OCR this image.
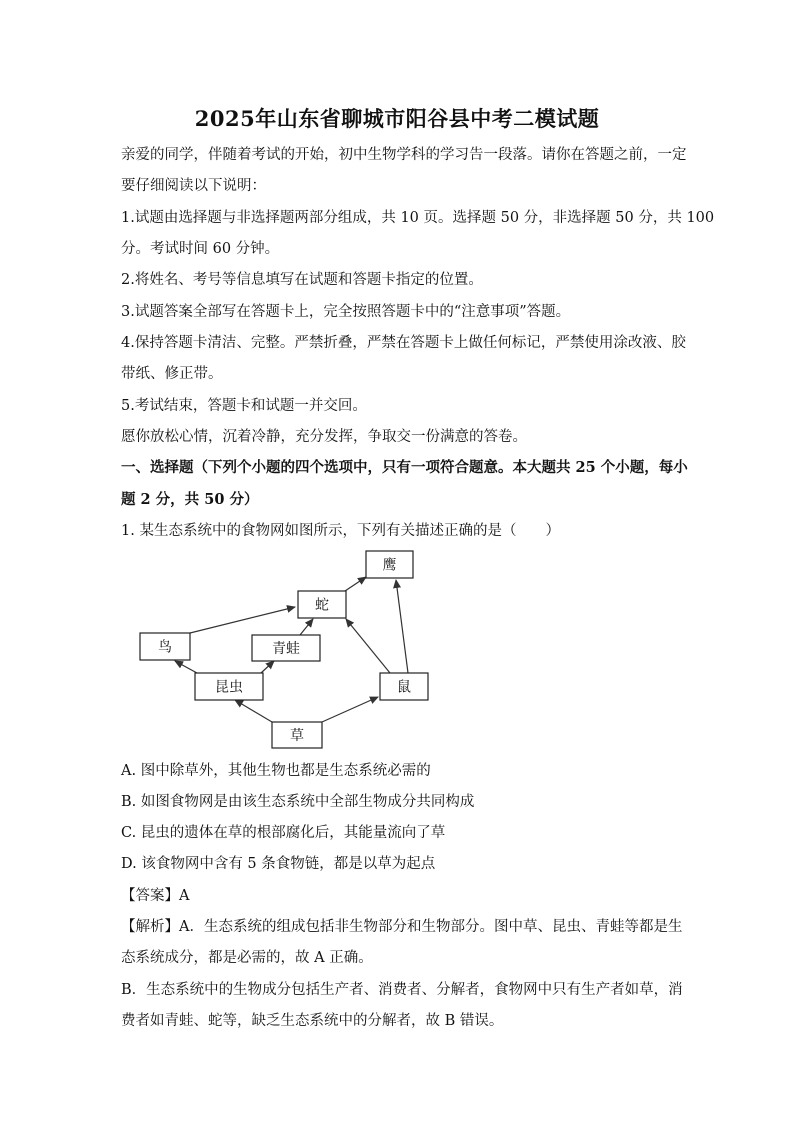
2025年山东省聊城市阳谷县中考二模试题
亲爱的同学，伴随着考试的开始，初中生物学科的学习告一段落。请你在答题之前，一定
要仔细阅读以下说明：
1.试题由选择题与非选择题两部分组成，共 10 页。选择题 50 分，非选择题 50 分，共 100
分。考试时间 60 分钟。
2.将姓名、考号等信息填写在试题和答题卡指定的位置。
3.试题答案全部写在答题卡上，完全按照答题卡中的“注意事项”答题。
4.保持答题卡清洁、完整。严禁折叠，严禁在答题卡上做任何标记，严禁使用涂改液、胶
带纸、修正带。
5.考试结束，答题卡和试题一并交回。
愿你放松心情，沉着冷静，充分发挥，争取交一份满意的答卷。
一、选择题（下列个小题的四个选项中，只有一项符合题意。本大题共 25 个小题，每小
题 2 分，共 50 分）
1. 某生态系统中的食物网如图所示，下列有关描述正确的是（　　）
鹰
蛇
鸟	青蛙
昆虫	鼠
草
A. 图中除草外，其他生物也都是生态系统必需的
B. 如图食物网是由该生态系统中全部生物成分共同构成
C. 昆虫的遗体在草的根部腐化后，其能量流向了草
D. 该食物网中含有 5 条食物链，都是以草为起点
【答案】A
【解析】A．生态系统的组成包括非生物部分和生物部分。图中草、昆虫、青蛙等都是生
态系统成分，都是必需的，故 A 正确。
B．生态系统中的生物成分包括生产者、消费者、分解者，食物网中只有生产者如草，消
费者如青蛙、蛇等，缺乏生态系统中的分解者，故 B 错误。
